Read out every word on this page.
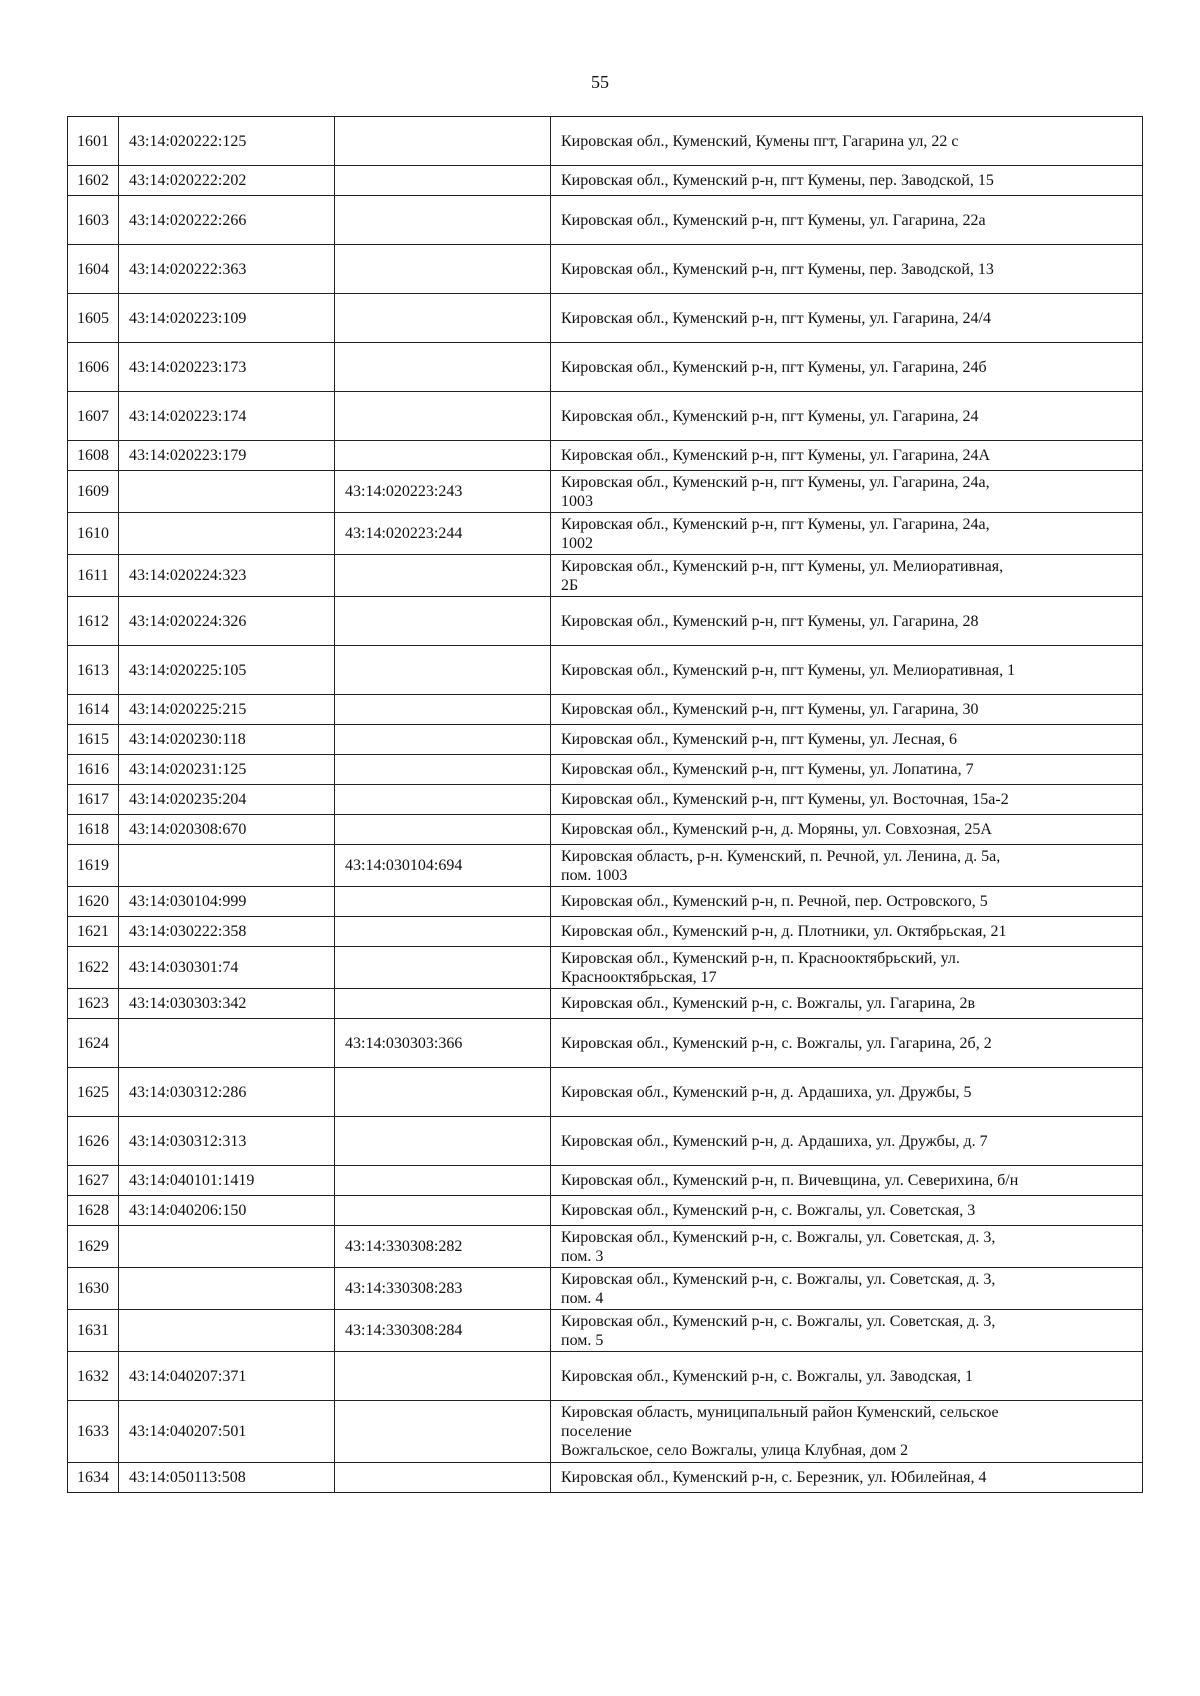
55
1601	43:14:020222:125		Кировская обл., Куменский, Кумены пгт, Гагарина ул, 22 с
1602	43:14:020222:202		Кировская обл., Куменский р-н, пгт Кумены, пер. Заводской, 15
1603	43:14:020222:266		Кировская обл., Куменский р-н, пгт Кумены, ул. Гагарина, 22а
1604	43:14:020222:363		Кировская обл., Куменский р-н, пгт Кумены, пер. Заводской, 13
1605	43:14:020223:109		Кировская обл., Куменский р-н, пгт Кумены, ул. Гагарина, 24/4
1606	43:14:020223:173		Кировская обл., Куменский р-н, пгт Кумены, ул. Гагарина, 24б
1607	43:14:020223:174		Кировская обл., Куменский р-н, пгт Кумены, ул. Гагарина, 24
1608	43:14:020223:179		Кировская обл., Куменский р-н, пгт Кумены, ул. Гагарина, 24А
1609		43:14:020223:243	Кировская обл., Куменский р-н, пгт Кумены, ул. Гагарина, 24а,
1003
1610		43:14:020223:244	Кировская обл., Куменский р-н, пгт Кумены, ул. Гагарина, 24а,
1002
1611	43:14:020224:323		Кировская обл., Куменский р-н, пгт Кумены, ул. Мелиоративная,
2Б
1612	43:14:020224:326		Кировская обл., Куменский р-н, пгт Кумены, ул. Гагарина, 28
1613	43:14:020225:105		Кировская обл., Куменский р-н, пгт Кумены, ул. Мелиоративная, 1
1614	43:14:020225:215		Кировская обл., Куменский р-н, пгт Кумены, ул. Гагарина, 30
1615	43:14:020230:118		Кировская обл., Куменский р-н, пгт Кумены, ул. Лесная, 6
1616	43:14:020231:125		Кировская обл., Куменский р-н, пгт Кумены, ул. Лопатина, 7
1617	43:14:020235:204		Кировская обл., Куменский р-н, пгт Кумены, ул. Восточная, 15а-2
1618	43:14:020308:670		Кировская обл., Куменский р-н, д. Моряны, ул. Совхозная, 25А
1619		43:14:030104:694	Кировская область, р-н. Куменский, п. Речной, ул. Ленина, д. 5а,
пом. 1003
1620	43:14:030104:999		Кировская обл., Куменский р-н, п. Речной, пер. Островского, 5
1621	43:14:030222:358		Кировская обл., Куменский р-н, д. Плотники, ул. Октябрьская, 21
1622	43:14:030301:74		Кировская обл., Куменский р-н, п. Краснооктябрьский, ул.
Краснооктябрьская, 17
1623	43:14:030303:342		Кировская обл., Куменский р-н, с. Вожгалы, ул. Гагарина, 2в
1624		43:14:030303:366	Кировская обл., Куменский р-н, с. Вожгалы, ул. Гагарина, 2б, 2
1625	43:14:030312:286		Кировская обл., Куменский р-н, д. Ардашиха, ул. Дружбы, 5
1626	43:14:030312:313		Кировская обл., Куменский р-н, д. Ардашиха, ул. Дружбы, д. 7
1627	43:14:040101:1419		Кировская обл., Куменский р-н, п. Вичевщина, ул. Северихина, б/н
1628	43:14:040206:150		Кировская обл., Куменский р-н, с. Вожгалы, ул. Советская, 3
1629		43:14:330308:282	Кировская обл., Куменский р-н, с. Вожгалы, ул. Советская, д. 3,
пом. 3
1630		43:14:330308:283	Кировская обл., Куменский р-н, с. Вожгалы, ул. Советская, д. 3,
пом. 4
1631		43:14:330308:284	Кировская обл., Куменский р-н, с. Вожгалы, ул. Советская, д. 3,
пом. 5
1632	43:14:040207:371		Кировская обл., Куменский р-н, с. Вожгалы, ул. Заводская, 1
1633	43:14:040207:501		Кировская область, муниципальный район Куменский, сельское
поселение
Вожгальское, село Вожгалы, улица Клубная, дом 2
1634	43:14:050113:508		Кировская обл., Куменский р-н, с. Березник, ул. Юбилейная, 4
